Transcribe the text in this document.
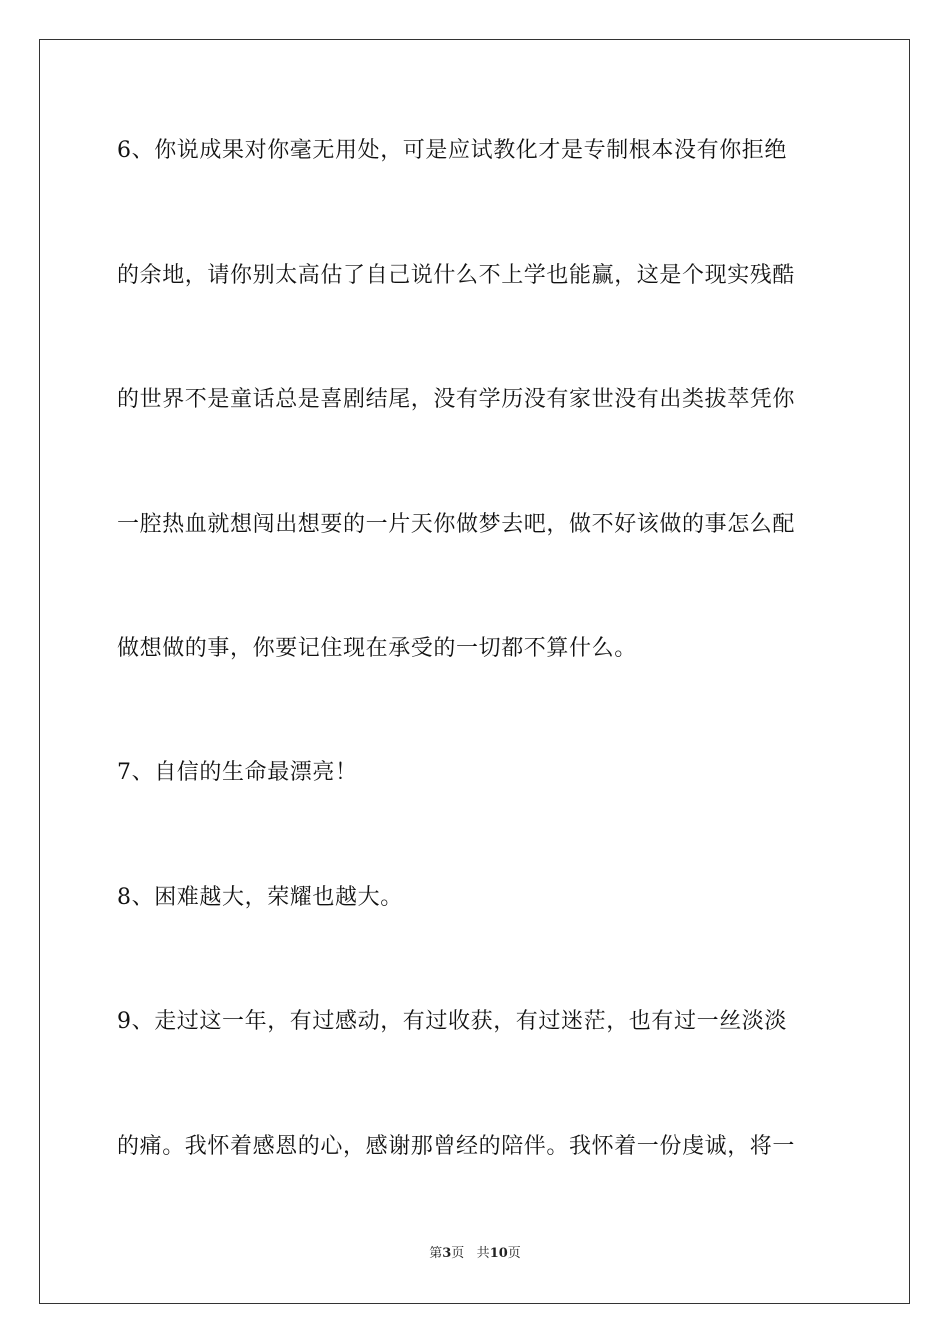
6、你说成果对你毫无用处，可是应试教化才是专制根本没有你拒绝
的余地，请你别太高估了自己说什么不上学也能赢，这是个现实残酷
的世界不是童话总是喜剧结尾，没有学历没有家世没有出类拔萃凭你
一腔热血就想闯出想要的一片天你做梦去吧，做不好该做的事怎么配
做想做的事，你要记住现在承受的一切都不算什么。
7、自信的生命最漂亮！
8、困难越大，荣耀也越大。
9、走过这一年，有过感动，有过收获，有过迷茫，也有过一丝淡淡
的痛。我怀着感恩的心，感谢那曾经的陪伴。我怀着一份虔诚，将一
第3页 共10页
